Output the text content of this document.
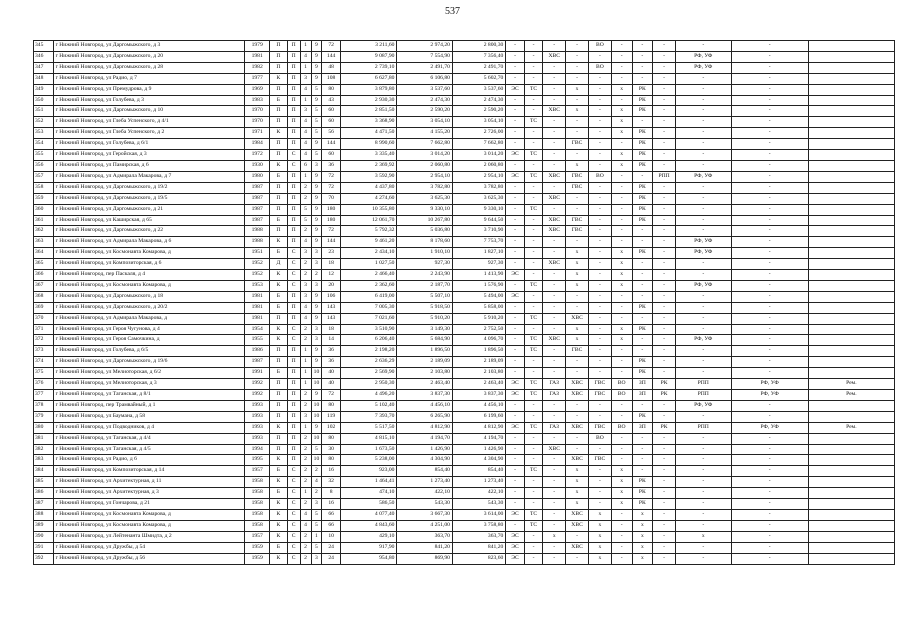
537
345	г Нижний Новгород, ул Даргомыжского, д 3	1979	П	П	1	9	72	3 211,60	2 974,20	2 800,30	-	-	-	-	ВО	-	-	-	-	-	
346	г Нижний Новгород, ул Даргомыжского, д 20	1981	П	П	4	9	144	9 087,90	7 554,90	7 356,40	-	-	ХВС	-	-	-	-	-	РФ, УФ	-	
347	г Нижний Новгород, ул Даргомыжского, д 28	1982	П	П	1	9	48	2 739,10	2 491,70	2 491,70	-	-	-	-	ВО	-	-	-	РФ, УФ	-	
348	г Нижний Новгород, ул Радио, д 7	1977	К	П	3	9	108	6 627,80	6 106,80	5 602,70	-	-	-	-	-	-	-	-	-	-	
349	г Нижний Новгород, ул Премудрова, д 9	1969	П	П	4	5	80	3 879,80	3 537,60	3 537,60	ЭС	ТС	-	х	-	х	РК	-	-	-	
350	г Нижний Новгород, ул Голубева, д 3	1983	Б	П	1	9	43	2 930,30	2 474,30	2 474,30	-	-	-	-	-	-	РК	-	-	-	
351	г Нижний Новгород, ул Даргомыжского, д 10	1970	П	П	3	5	60	2 851,50	2 590,20	2 590,20	-	-	ХВС	х	-	х	РК	-	-	-	
352	г Нижний Новгород, ул Глеба Успенского, д 4/1	1970	П	П	4	5	60	3 368,90	3 054,10	3 054,10	-	ТС	-	-	-	х	-	-	-	-	
353	г Нижний Новгород, ул Глеба Успенского, д 2	1971	К	П	4	5	56	4 471,50	4 155,20	2 726,00	-	-	-	-	-	х	РК	-	-	-	
354	г Нижний Новгород, ул Голубева, д 6/1	1984	П	П	4	9	144	8 990,60	7 662,80	7 662,80	-	-	-	ГВС	-	-	РК	-	-	-	
355	г Нижний Новгород, ул Геройская, д 3	1972	П	С	4	5	60	3 335,40	3 014,20	3 014,20	ЭС	ТС	-	-	-	х	РК	-	-	-	
356	г Нижний Новгород, ул Памирская, д 6	1930	К	С	6	3	36	2 369,92	2 060,80	2 060,80	-	-	-	х	-	х	РК	-	-	-	
357	г Нижний Новгород, ул Адмирала Макарова, д 7	1980	Б	П	1	9	72	3 592,90	2 954,10	2 954,10	ЭС	ТС	ХВС	ГВС	ВО	-	-	РПП	РФ, УФ	-	
358	г Нижний Новгород, ул Даргомыжского, д 19/2	1987	П	П	2	9	72	4 437,80	3 782,80	3 782,80	-	-	-	ГВС	-	-	РК	-	-	-	
359	г Нижний Новгород, ул Даргомыжского, д 19/5	1987	П	П	2	9	70	4 274,60	3 625,30	3 625,30	-	-	ХВС	-	-	-	РК	-	-	-	
360	г Нижний Новгород, ул Даргомыжского, д 21	1987	П	П	5	9	180	10 355,80	9 330,10	9 330,10	-	ТС	-	-	-	-	РК	-	-	-	
361	г Нижний Новгород, ул Каширская, д 65	1987	Б	П	5	9	180	12 061,70	10 267,80	9 644,50	-	-	ХВС	ГВС	-	-	РК	-	-	-	
362	г Нижний Новгород, ул Даргомыжского, д 22	1988	П	П	2	9	72	5 792,32	5 036,80	3 710,90	-	-	ХВС	ГВС	-	-	-	-	-	-	
363	г Нижний Новгород, ул Адмирала Макарова, д 6	1988	К	П	4	9	144	9 461,20	8 178,60	7 753,70	-	-	-	-	-	-	-	-	РФ, УФ	-	
364	г Нижний Новгород, ул Космонавта Комарова, д	1951	Б	С	3	3	23	2 434,10	1 910,10	1 827,10	-	-	-	х	-	х	РК	-	РФ, УФ	-	
365	г Нижний Новгород, ул Композиторская, д 6	1952	Д	С	2	3	18	1 027,50	927,30	927,30	-	-	ХВС	х	-	х	-	-	-	-	
366	г Нижний Новгород, пер Паскаля, д 4	1952	К	С	2	2	12	2 466,40	2 243,90	1 413,90	ЭС	-	-	х	-	х	-	-	-	-	
367	г Нижний Новгород, ул Космонавта Комарова, д	1953	К	С	3	3	20	2 362,60	2 187,70	1 576,90	-	ТС	-	х	-	х	-	-	РФ, УФ	-	
368	г Нижний Новгород, ул Даргомыжского, д 18	1981	Б	П	3	9	106	6 419,00	5 507,10	5 494,00	ЭС	-	-	-	-	-	-	-	-	-	
369	г Нижний Новгород, ул Даргомыжского, д 20/2	1981	Б	П	4	9	143	7 005,30	5 918,50	5 858,00	-	-	-	-	-	-	РК	-	-	-	
370	г Нижний Новгород, ул Адмирала Макарова, д	1981	П	П	4	9	143	7 021,60	5 910,20	5 910,20	-	ТС	-	ХВС	-	-	-	-	-	-	
371	г Нижний Новгород, ул Героя Чугунова, д 4	1954	К	С	2	3	18	3 510,90	3 149,30	2 752,50	-	-	-	х	-	х	РК	-	-	-	
372	г Нижний Новгород, ул Героя Самочкина, д	1955	К	С	2	3	14	6 206,40	5 684,90	4 096,70	-	ТС	ХВС	х	-	х	-	-	РФ, УФ	-	
373	г Нижний Новгород, ул Голубева, д 6/5	1986	П	П	1	9	36	2 198,20	1 896,50	1 896,50	-	ТС	-	ГВС	-	-	-	-	-	-	
374	г Нижний Новгород, ул Даргомыжского, д 19/6	1987	П	П	1	9	36	2 636,29	2 189,09	2 189,09	-	-	-	-	-	-	РК	-	-	-	
375	г Нижний Новгород, ул Мелиоторская, д 6/2	1991	Б	П	1	10	40	2 569,90	2 103,80	2 103,80	-	-	-	-	-	-	РК	-	-	-	
376	г Нижний Новгород, ул Мелиоторская, д 3	1992	П	П	1	10	40	2 950,30	2 463,40	2 463,40	ЭС	ТС	ГАЗ	ХВС	ГВС	ВО	ЗП	РК	РПП	РФ, УФ	Рем.
377	г Нижний Новгород, ул Таганская, д 8/1	1992	П	П	2	9	72	4 496,20	3 837,30	3 837,30	ЭС	ТС	ГАЗ	ХВС	ГВС	ВО	ЗП	РК	РПП	РФ, УФ	Рем.
378	г Нижний Новгород, пер Трамвайный, д 1	1993	П	П	2	10	80	5 102,40	4 456,10	4 456,10	-	-	-	-	-	-	-	-	РФ, УФ	-	
379	г Нижний Новгород, ул Баумана, д 58	1993	П	П	3	10	119	7 393,70	6 265,90	6 199,60	-	-	-	-	-	-	РК	-	-	-	
380	г Нижний Новгород, ул Подводников, д 4	1993	К	П	1	9	102	5 517,50	4 812,90	4 812,90	ЭС	ТС	ГАЗ	ХВС	ГВС	ВО	ЗП	РК	РПП	РФ, УФ	Рем.
381	г Нижний Новгород, ул Таганская, д 4/4	1993	П	П	2	10	80	4 815,10	4 194,70	4 194,70	-	-	-	-	ВО	-	-	-	-	-	
382	г Нижний Новгород, ул Таганская, д 4/5	1994	П	П	2	5	30	1 673,50	1 426,90	1 426,90	-	-	ХВС	-	-	-	-	-	-	-	
383	г Нижний Новгород, ул Радио, д 6	1995	К	П	2	10	80	5 238,00	4 304,90	4 304,90	-	-	-	ХВС	ГВС	-	-	-	-	-	
384	г Нижний Новгород, ул Композиторская, д 14	1957	Б	С	2	2	16	923,00	854,40	854,40	-	ТС	-	х	-	х	-	-	-	-	
385	г Нижний Новгород, ул Архитектурная, д 11	1958	К	С	2	4	32	1 464,41	1 273,40	1 273,40	-	-	-	х	-	х	РК	-	-	-	
386	г Нижний Новгород, ул Архитектурная, д 3	1958	Б	С	1	2	8	474,10	422,10	422,10	-	-	-	х	-	х	РК	-	-	-	
387	г Нижний Новгород, ул Гончарова, д 21	1958	К	С	2	3	16	586,50	543,30	543,30	-	-	-	х	-	х	РК	-	-	-	
388	г Нижний Новгород, ул Космонавта Комарова, д	1958	К	С	4	5	66	4 077,40	3 667,30	3 614,00	ЭС	ТС	-	ХВС	х	-	х	-	-	-	
389	г Нижний Новгород, ул Космонавта Комарова, д	1958	К	С	4	5	66	4 843,60	4 251,00	3 758,80	-	ТС	-	ХВС	х	-	х	-	-	-	
390	г Нижний Новгород, ул Лейтенанта Шмидта, д 2	1957	К	С	2	1	10	429,10	363,70	363,70	ЭС	-	х	-	х	-	х	-	х	-	
391	г Нижний Новгород, ул Дружбы, д 54	1959	Б	С	2	5	24	917,90	841,20	841,20	ЭС	-	-	ХВС	х	-	х	-	-	-	
392	г Нижний Новгород, ул Дружбы, д 56	1959	К	С	2	3	24	954,80	869,90	823,60	ЭС	-	-	-	х	-	х	-	-	-	
